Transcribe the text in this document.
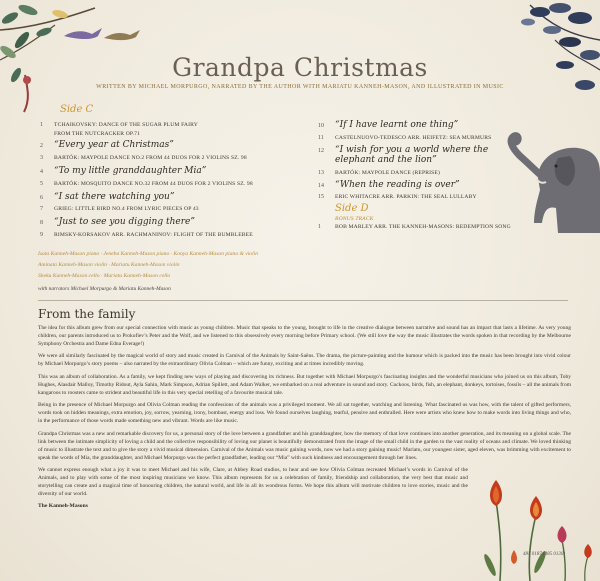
Grandpa Christmas
WRITTEN BY MICHAEL MORPURGO, NARRATED BY THE AUTHOR WITH MARIATU KANNEH-MASON, AND ILLUSTRATED IN MUSIC
Side C
1	TCHAIKOVSKY: DANCE OF THE SUGAR PLUM FAIRY FROM THE NUTCRACKER OP.71
2	“Every year at Christmas”
3	BARTÓK: MAYPOLE DANCE NO.2 FROM 44 DUOS FOR 2 VIOLINS SZ. 98
4	“To my little granddaughter Mia”
5	BARTÓK: MOSQUITO DANCE NO.32 FROM 44 DUOS FOR 2 VIOLINS SZ. 98
6	“I sat there watching you”
7	GRIEG: LITTLE BIRD NO.4 FROM LYRIC PIECES OP 43
8	“Just to see you digging there”
9	RIMSKY-KORSAKOV ARR. RACHMANINOV: FLIGHT OF THE BUMBLEBEE
10	“If I have learnt one thing”
11	CASTELNUOVO-TEDESCO ARR. HEIFETZ: SEA MURMURS
12	“I wish for you a world where the elephant and the lion”
13	BARTÓK: MAYPOLE DANCE (REPRISE)
14	“When the reading is over”
15	ERIC WHITACRE ARR. PARKIN: THE SEAL LULLABY
Side D
BONUS TRACK
1	BOB MARLEY ARR. THE KANNEH-MASONS: REDEMPTION SONG
Isata Kanneh-Mason piano · Jeneba Kanneh-Mason piano · Konya Kanneh-Mason piano & violin
Aminata Kanneh-Mason violin · Mariatu Kanneh-Mason violin
Sheku Kanneh-Mason cello · Mariatu Kanneh-Mason cello
with narrators Michael Morpurgo & Mariatu Kanneh-Mason
From the family

The idea for this album grew from our special connection with music as young children. Music that speaks to the young, brought to life in the creative dialogue between narrative and sound has an impact that lasts a lifetime. As very young children, our parents introduced us to Prokofiev’s Peter and the Wolf, and we listened to this obsessively every morning before Primary school. (We still love the way the music illustrates the words spoken in that recording by the Melbourne Symphony Orchestra and Dame Edna Everage!)

We were all similarly fascinated by the magical world of story and music created in Carnival of the Animals by Saint-Saëns. The drama, the picture-painting and the humour which is packed into the music has been brought into vivid colour by Michael Morpurgo’s story poems – also narrated by the extraordinary Olivia Colman – which are funny, exciting and at times incredibly moving.

This was an album of collaboration. As a family, we kept finding new ways of playing and discovering its richness. But together with Michael Morpurgo’s fascinating insights and the wonderful musicians who joined us on this album, Toby Hughes, Alasdair Malloy, Timothy Ridout, Ayla Sahin, Mark Simpson, Adrian Spillett, and Adam Walker, we embarked on a real adventure in sound and story. Cuckoos, birds, fish, an elephant, donkeys, tortoises, fossils – all the animals from kangaroos to roosters came to strident and beautiful life in this very special retelling of a favourite musical tale.

Being in the presence of Michael Morpurgo and Olivia Colman reading the confessions of the animals was a privileged moment. We all sat together, watching and listening. What fascinated us was how, with the talent of gifted performers, words took on hidden meanings, extra emotion, joy, sorrow, yearning, irony, bombast, energy and loss. We found ourselves laughing, tearful, pensive and enthralled. Here were artists who knew how to make words into living things and who, in the performance of those words made something new and vibrant. Words are like music.

Grandpa Christmas was a new and remarkable discovery for us, a personal story of the love between a grandfather and his granddaughter, how the memory of that love continues into another generation, and its meaning on a global scale. The link between the intimate simplicity of loving a child and the collective responsibility of loving our planet is beautifully demonstrated from the image of the small child in the garden to the vast reality of oceans and climate. We loved thinking of music to illustrate the text and to give the story a vivid musical dimension. Carnival of the Animals was music gaining words, now we had a story gaining music! Mariatu, our youngest sister, aged eleven, was brimming with excitement to speak the words of Mia, the granddaughter, and Michael Morpurgo was the perfect grandfather, leading our “Mia” with such kindness and encouragement through her lines.

We cannot express enough what a joy it was to meet Michael and his wife, Clare, at Abbey Road studios, to hear and see how Olivia Colman recreated Michael’s words in Carnival of the Animals, and to play with some of the most inspiring musicians we know. This album represents for us a celebration of family, friendship and collaboration, the very best that music and storytelling can create and a magical time of honouring children, the natural world, and life in all its wondrous forms. We hope this album will motivate children to love stories, music and the diversity of our world.

The Kanneh-Masons
485 0187 (485 0130)
